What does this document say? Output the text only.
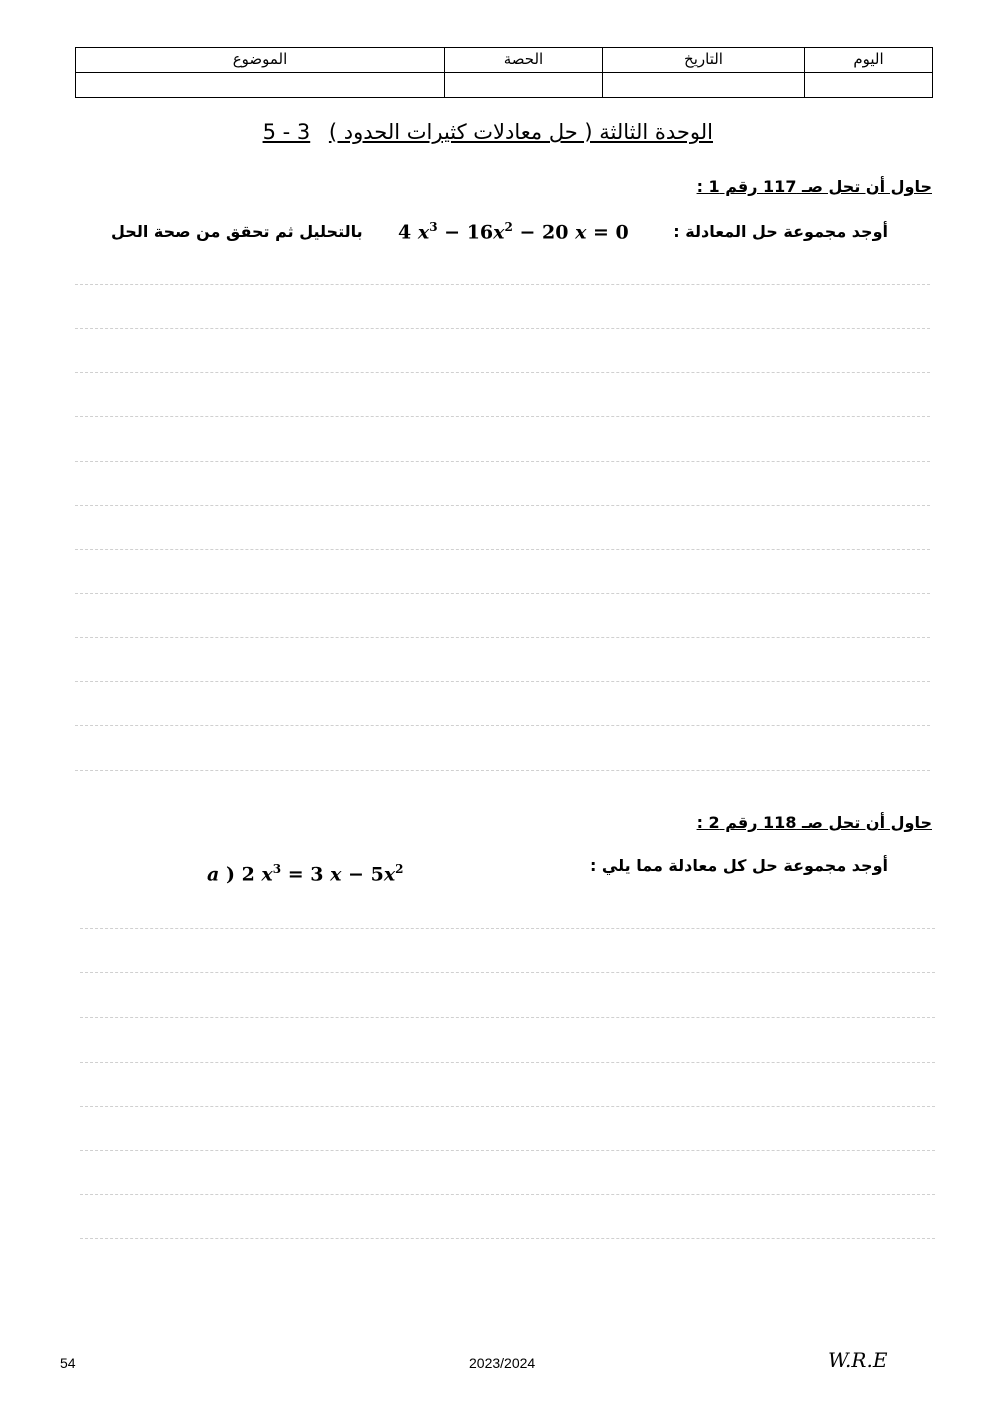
اليوم	التاريخ	الحصة	الموضوع

الوحدة الثالثة ( حل معادلات كثيرات الحدود ) 5 - 3
حاول أن تحل صـ 117 رقم 1 :
أوجد مجموعة حل المعادلة :
4 $x^3 - 16x^2 - 20$ x = 0
بالتحليل ثم تحقق من صحة الحل
حاول أن تحل صـ 118 رقم 2 :
أوجد مجموعة حل كل معادلة مما يلي :
a ) 2 $x^3 = 3$ $x - 5x^2$
54	2023/2024	W.R.E
